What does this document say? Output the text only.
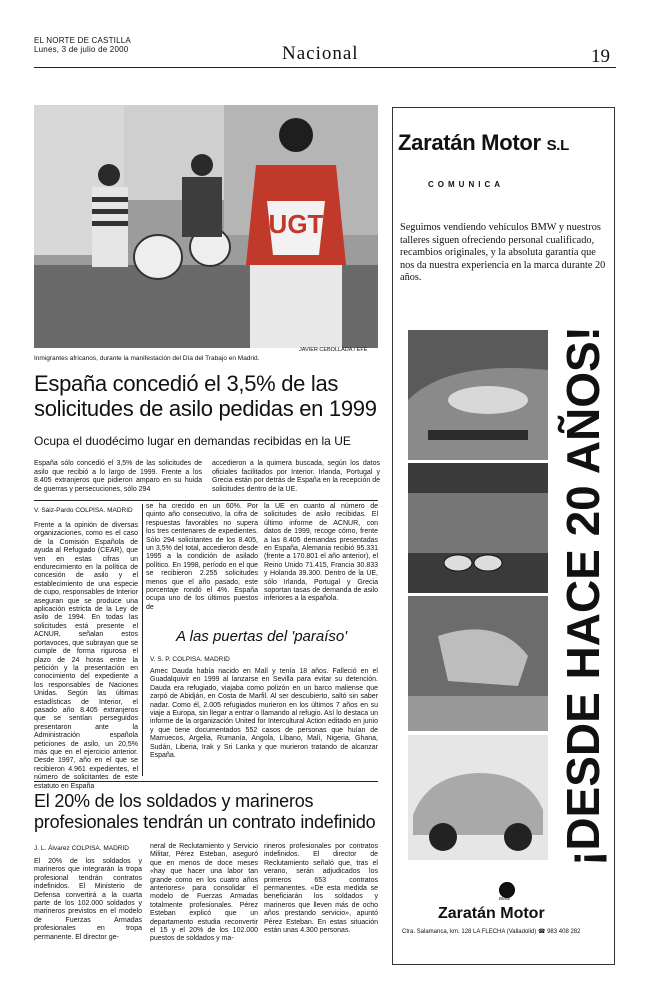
EL NORTE DE CASTILLA
Lunes, 3 de julio de 2000	Nacional	19
UGT
JAVIER CEBOLLADA / EFE
Inmigrantes africanos, durante la manifestación del Día del Trabajo en Madrid.
España concedió el 3,5% de las solicitudes de asilo pedidas en 1999
Ocupa el duodécimo lugar en demandas recibidas en la UE
España sólo concedió el 3,5% de las solicitudes de asilo que recibió a lo largo de 1999. Frente a los 8.405 extranjeros que pidieron amparo en su huida de guerras y persecuciones, sólo 294
accedieron a la quimera buscada, según los datos oficiales facilitados por Interior. Irlanda, Portugal y Grecia están por detrás de España en la recepción de solicitudes dentro de la UE.
V. Sáiz-Pardo COLPISA. MADRID
Frente a la opinión de diversas organizaciones, como es el caso de la Comisión Española de ayuda al Refugiado (CEAR), que ven en estas cifras un endurecimiento en la política de concesión de asilo y el establecimiento de una especie de cupo, responsables de Interior aseguran que se produce una aplicación estricta de la Ley de asilo de 1994. En todas las solicitudes está presente el ACNUR, señalan estos portavoces, que subrayan que se cumple de forma rigurosa el plazo de 24 horas entre la petición y la presentación en conocimiento del expediente a los responsables de Naciones Unidas. Según las últimas estadísticas de Interior, el pasado año 8.405 extranjeros que se sentían perseguidos presentaron ante la Administración española peticiones de asilo, un 20,5% más que en el ejercicio anterior. Desde 1997, año en el que se recibieron 4.961 expedientes, el número de solicitantes de este estatuto en España
se ha crecido en un 60%. Por quinto año consecutivo, la cifra de respuestas favorables no supera los tres centenares de expedientes. Sólo 294 solicitantes de los 8.405, un 3,5% del total, accedieron desde 1995 a la condición de asilado político. En 1998, período en el que se recibieron 2.255 solicitudes menos que el año pasado, este porcentaje rondó el 4%. España ocupa uno de los últimos puestos de
la UE en cuanto al número de solicitudes de asilo recibidas. El último informe de ACNUR, con datos de 1999, recoge cómo, frente a las 8.405 demandas presentadas en España, Alemania recibió 95.331 (frente a 170.801 el año anterior), el Reino Unido 71.415, Francia 30.833 y Holanda 39.300. Dentro de la UE, sólo Irlanda, Portugal y Grecia soportan tasas de demanda de asilo inferiores a la española.
A las puertas del 'paraíso'
V. S. P. COLPISA. MADRID
Amec Dauda había nacido en Malí y tenía 18 años. Falleció en el Guadalquivir en 1999 al lanzarse en Sevilla para evitar su detención. Dauda era refugiado, viajaba como polizón en un barco maliense que zarpó de Abidján, en Costa de Marfil. Al ser descubierto, saltó sin saber nadar. Como él, 2.005 refugiados murieron en los últimos 7 años en su viaje a Europa, sin llegar a entrar o llamando al refugio. Así lo destaca un informe de la organización United for Intercultural Action editado en junio y que tiene documentados 552 casos de personas que huían de Marruecos, Argelia, Rumanía, Angola, Líbano, Malí, Nigeria, Ghana, Sudán, Liberia, Irak y Sri Lanka y que murieron tratando de alcanzar España.
El 20% de los soldados y marineros profesionales tendrán un contrato indefinido
J. L. Álvarez COLPISA. MADRID
El 20% de los soldados y marineros que integrarán la tropa profesional tendrán contratos indefinidos. El Ministerio de Defensa convertirá a la cuarta parte de los 102.000 soldados y marineros previstos en el modelo de Fuerzas Armadas profesionales en tropa permanente. El director ge-
neral de Reclutamiento y Servicio Militar, Pérez Esteban, aseguró que en menos de doce meses «hay que hacer una labor tan grande como en los cuatro años anteriores» para consolidar el modelo de Fuerzas Armadas totalmente profesionales. Pérez Esteban explicó que un departamento estudia reconvertir el 15 y el 20% de los 102.000 puestos de soldados y ma-
rineros profesionales por contratos indefinidos. El director de Reclutamiento señaló que, tras el verano, serán adjudicados los primeros 653 contratos permanentes. «De esta medida se beneficiarán los soldados y marineros que lleven más de ocho años prestando servicio», apuntó Pérez Esteban. En estas situación están unas 4.300 personas.
Zaratán Motor S.L
COMUNICA
Seguimos vendiendo vehículos BMW y nuestros talleres siguen ofreciendo personal cualificado, recambios originales, y la absoluta garantía que nos da nuestra experiencia en la marca durante 20 años.
¡DESDE HACE 20 AÑOS!
BMW
Zaratán Motor
Ctra. Salamanca, km. 128 LA FLECHA (Valladolid) ☎ 983 408 282
